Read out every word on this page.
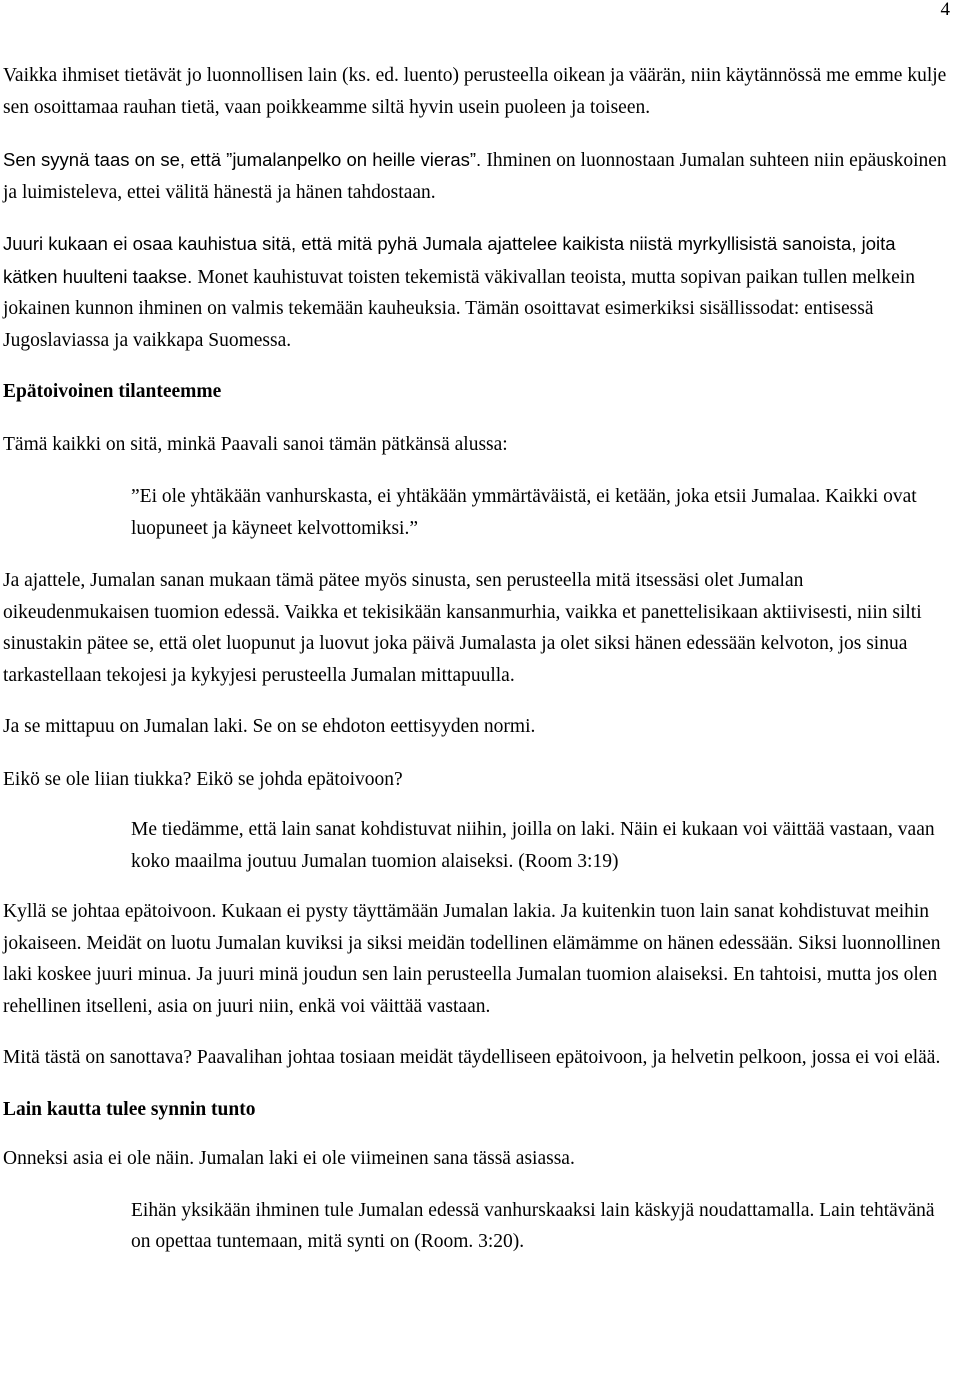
4

Vaikka ihmiset tietävät jo luonnollisen lain (ks. ed. luento) perusteella oikean ja väärän, niin käytännössä me emme kulje sen osoittamaa rauhan tietä, vaan poikkeamme siltä hyvin usein puoleen ja toiseen.

Sen syynä taas on se, että ”jumalanpelko on heille vieras”. Ihminen on luonnostaan Jumalan suhteen niin epäuskoinen ja luimisteleva, ettei välitä hänestä ja hänen tahdostaan.

Juuri kukaan ei osaa kauhistua sitä, että mitä pyhä Jumala ajattelee kaikista niistä myrkyllisistä sanoista, joita kätken huulteni taakse. Monet kauhistuvat toisten tekemistä väkivallan teoista, mutta sopivan paikan tullen melkein jokainen kunnon ihminen on valmis tekemään kauheuksia. Tämän osoittavat esimerkiksi sisällissodat: entisessä Jugoslaviassa ja vaikkapa Suomessa.

Epätoivoinen tilanteemme

Tämä kaikki on sitä, minkä Paavali sanoi tämän pätkänsä alussa:

”Ei ole yhtäkään vanhurskasta, ei yhtäkään ymmärtäväistä, ei ketään, joka etsii Jumalaa. Kaikki ovat luopuneet ja käyneet kelvottomiksi.”

Ja ajattele, Jumalan sanan mukaan tämä pätee myös sinusta, sen perusteella mitä itsessäsi olet Jumalan oikeudenmukaisen tuomion edessä. Vaikka et tekisikään kansanmurhia, vaikka et panettelisikaan aktiivisesti, niin silti sinustakin pätee se, että olet luopunut ja luovut joka päivä Jumalasta ja olet siksi hänen edessään kelvoton, jos sinua tarkastellaan tekojesi ja kykyjesi perusteella Jumalan mittapuulla.

Ja se mittapuu on Jumalan laki. Se on se ehdoton eettisyyden normi.

Eikö se ole liian tiukka? Eikö se johda epätoivoon?

Me tiedämme, että lain sanat kohdistuvat niihin, joilla on laki. Näin ei kukaan voi väittää vastaan, vaan koko maailma joutuu Jumalan tuomion alaiseksi. (Room 3:19)

Kyllä se johtaa epätoivoon. Kukaan ei pysty täyttämään Jumalan lakia. Ja kuitenkin tuon lain sanat kohdistuvat meihin jokaiseen. Meidät on luotu Jumalan kuviksi ja siksi meidän todellinen elämämme on hänen edessään. Siksi luonnollinen laki koskee juuri minua. Ja juuri minä joudun sen lain perusteella Jumalan tuomion alaiseksi. En tahtoisi, mutta jos olen rehellinen itselleni, asia on juuri niin, enkä voi väittää vastaan.

Mitä tästä on sanottava? Paavalihan johtaa tosiaan meidät täydelliseen epätoivoon, ja helvetin pelkoon, jossa ei voi elää.

Lain kautta tulee synnin tunto

Onneksi asia ei ole näin. Jumalan laki ei ole viimeinen sana tässä asiassa.

Eihän yksikään ihminen tule Jumalan edessä vanhurskaaksi lain käskyjä noudattamalla. Lain tehtävänä on opettaa tuntemaan, mitä synti on (Room. 3:20).
